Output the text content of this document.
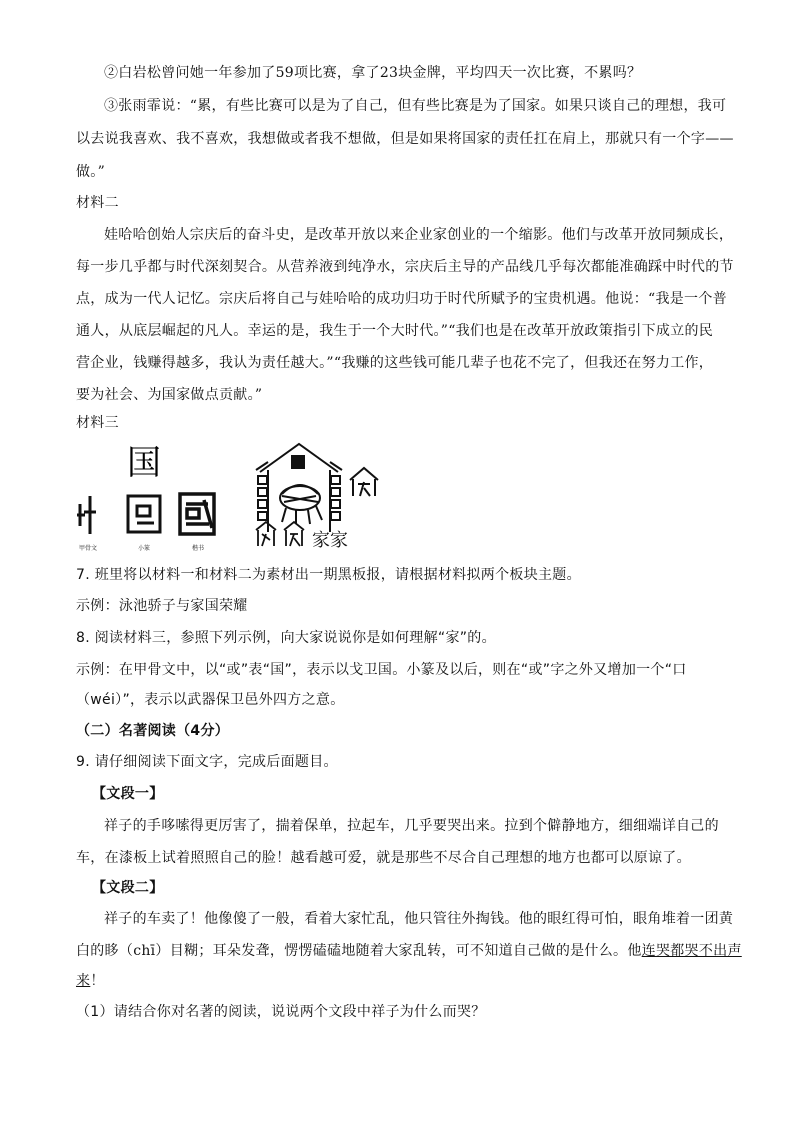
②白岩松曾问她一年参加了59项比赛，拿了23块金牌，平均四天一次比赛，不累吗？
③张雨霏说：“累，有些比赛可以是为了自己，但有些比赛是为了国家。如果只谈自己的理想，我可
以去说我喜欢、我不喜欢，我想做或者我不想做，但是如果将国家的责任扛在肩上，那就只有一个字——
做。”
材料二
娃哈哈创始人宗庆后的奋斗史，是改革开放以来企业家创业的一个缩影。他们与改革开放同频成长，
每一步几乎都与时代深刻契合。从营养液到纯净水，宗庆后主导的产品线几乎每次都能准确踩中时代的节
点，成为一代人记忆。宗庆后将自己与娃哈哈的成功归功于时代所赋予的宝贵机遇。他说：“我是一个普
通人，从底层崛起的凡人。幸运的是，我生于一个大时代。”“我们也是在改革开放政策指引下成立的民
营企业，钱赚得越多，我认为责任越大。”“我赚的这些钱可能几辈子也花不完了，但我还在努力工作，
要为社会、为国家做点贡献。”
材料三
国
甲骨文	小篆	楷书	家家
7. 班里将以材料一和材料二为素材出一期黑板报，请根据材料拟两个板块主题。
示例：泳池骄子与家国荣耀
8. 阅读材料三，参照下列示例，向大家说说你是如何理解“家”的。
示例：在甲骨文中，以“或”表“国”，表示以戈卫国。小篆及以后，则在“或”字之外又增加一个“口
（wéi）”，表示以武器保卫邑外四方之意。
（二）名著阅读（4分）
9. 请仔细阅读下面文字，完成后面题目。
【文段一】
祥子的手哆嗦得更厉害了，揣着保单，拉起车，几乎要哭出来。拉到个僻静地方，细细端详自己的
车，在漆板上试着照照自己的脸！越看越可爱，就是那些不尽合自己理想的地方也都可以原谅了。
【文段二】
祥子的车卖了！他像傻了一般，看着大家忙乱，他只管往外掏钱。他的眼红得可怕，眼角堆着一团黄
白的眵（chī）目糊；耳朵发聋，愣愣磕磕地随着大家乱转，可不知道自己做的是什么。他连哭都哭不出声
来！
（1）请结合你对名著的阅读，说说两个文段中祥子为什么而哭？
